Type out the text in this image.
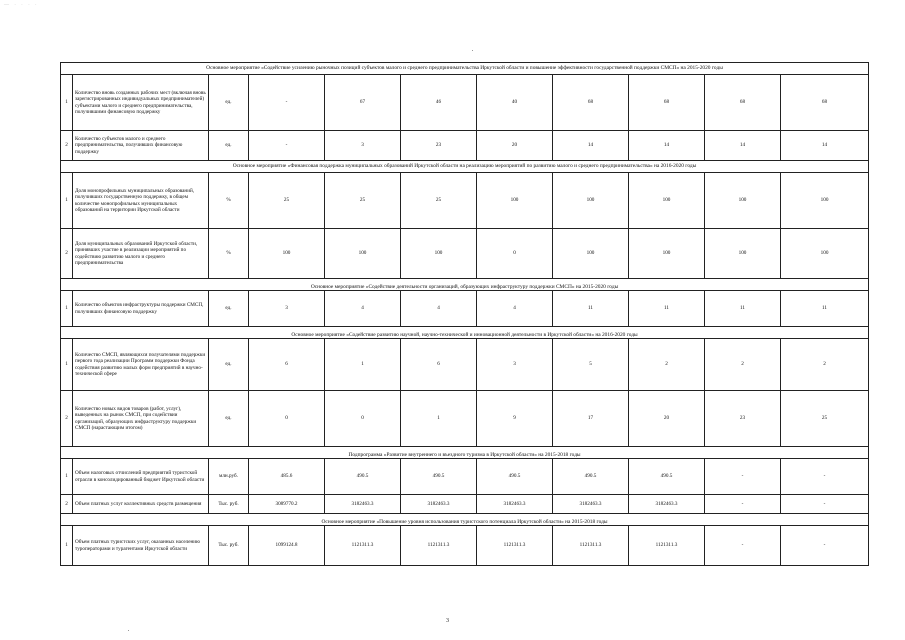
— · · · ·
Основное мероприятие «Содействие усилению рыночных позиций субъектов малого и среднего предпринимательства Иркутской области и повышение эффективности государственной поддержки СМСП» на 2015-2020 годы										
1	Количество вновь созданных рабочих мест (включая вновь зарегистрированных индивидуальных предпринимателей) субъектами малого и среднего предпринимательства, получившими финансовую поддержку	ед.	-	67	46	40	68	68	68	68
2	Количество субъектов малого и среднего предпринимательства, получивших финансовую поддержку	ед.	-	3	23	20	14	14	14	14
Основное мероприятие «Финансовая поддержка муниципальных образований Иркутской области на реализацию мероприятий по развитию малого и среднего предпринимательства» на 2016-2020 годы										
1	Доля монопрофильных муниципальных образований, получивших государственную поддержку, в общем количестве монопрофильных муниципальных образований на территории Иркутской области	%	25	25	25	100	100	100	100	100
2	Доля муниципальных образований Иркутской области, принявших участие в реализации мероприятий по содействию развитию малого и среднего предпринимательства	%	100	100	100	0	100	100	100	100
Основное мероприятие «Содействие деятельности организаций, образующих инфраструктуру поддержки СМСП» на 2015-2020 годы										
1	Количество объектов инфраструктуры поддержки СМСП, получивших финансовую поддержку	ед.	3	4	4	4	11	11	11	11
Основное мероприятие «Содействие развитию научной, научно-технической и инновационной деятельности в Иркутской области» на 2016-2020 годы										
1	Количество СМСП, являющихся получателями поддержки первого года реализации Программ поддержки Фонда содействия развитию малых форм предприятий в научно-технической сфере	ед.	6	1	6	3	5	2	2	2
2	Количество новых видов товаров (работ, услуг), выведенных на рынок СМСП, при содействии организаций, образующих инфраструктуру поддержки СМСП (нарастающим итогом)	ед.	0	0	1	9	17	20	23	25
Подпрограмма «Развитие внутреннего и въездного туризма в Иркутской области» на 2015-2018 годы										
1	Объем налоговых отчислений предприятий туристской отрасли в консолидированный бюджет Иркутской области	млн.руб.	485.6	490.5	490.5	490.5	490.5	490.5	-	-
2	Объем платных услуг коллективных средств размещения	Тыс. руб.	3089770.2	3182463.3	3182463.3	3182463.3	3182463.3	3182463.3	-	-
Основное мероприятие «Повышение уровня использования туристского потенциала Иркутской области» на 2015-2018 годы										
1	Объем платных туристских услуг, оказанных населению туроператорами и турагентами Иркутской области	Тыс. руб.	1099124.8	1121311.3	1121311.3	1121311.3	1121311.3	1121311.3	-	-
3
